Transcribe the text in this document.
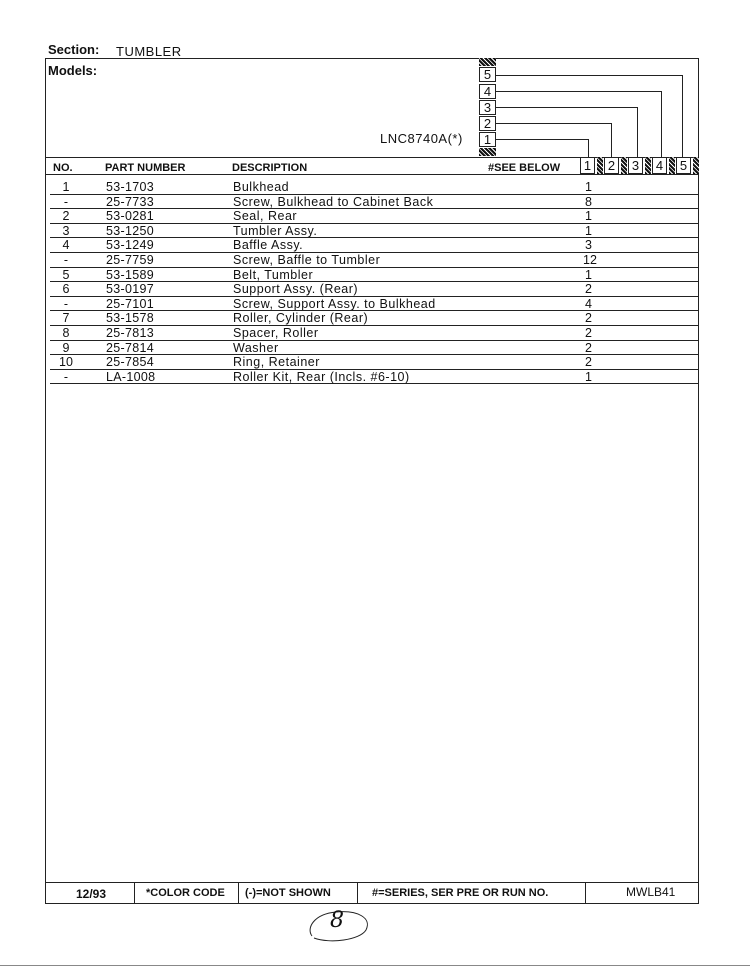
Section: TUMBLER
Models:	5
4
3
2
1
LNC8740A(*)
NO.	PART NUMBER	DESCRIPTION	#SEE BELOW 1 2 3 4 5
1	53-1703	Bulkhead	1
-	25-7733	Screw, Bulkhead to Cabinet Back	8
2	53-0281	Seal, Rear	1
3	53-1250	Tumbler Assy.	1
4	53-1249	Baffle Assy.	3
-	25-7759	Screw, Baffle to Tumbler	12
5	53-1589	Belt, Tumbler	1
6	53-0197	Support Assy. (Rear)	2
-	25-7101	Screw, Support Assy. to Bulkhead	4
7	53-1578	Roller, Cylinder (Rear)	2
8	25-7813	Spacer, Roller	2
9	25-7814	Washer	2
10	25-7854	Ring, Retainer	2
-	LA-1008	Roller Kit, Rear (Incls. #6-10)	1
12/93	*COLOR CODE (-)=NOT SHOWN	#=SERIES, SER PRE OR RUN NO.	MWLB41
8
